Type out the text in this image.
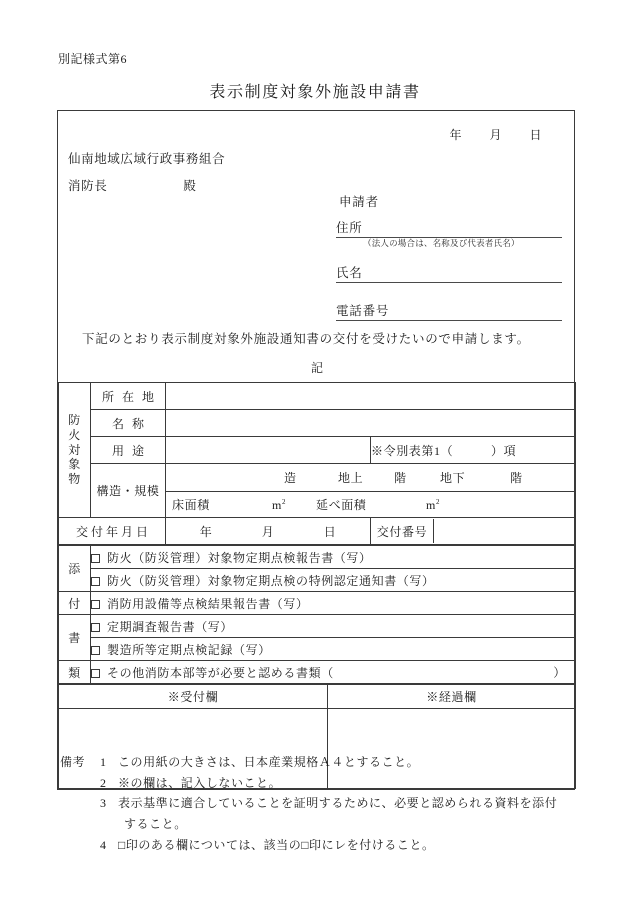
別記様式第6
表示制度対象外施設申請書
年 月 日
仙南地域広域行政事務組合
消防長	殿
申請者
住所
（法人の場合は、名称及び代表者氏名）
氏名
電話番号
下記のとおり表示制度対象外施設通知書の交付を受けたいので申請します。
記
防
火
対
象
物
	所在地	
名称	
用途		※令別表第1（　　　）項
構造・規模	
造	地上	階	地下	階

床面積	$m^2$ 延べ面積	$m^2$

交付年月日	年	月	日		交付番号	
添	防火（防災管理）対象物定期点検報告書（写）
	防火（防災管理）対象物定期点検の特例認定通知書（写）
付	消防用設備等点検結果報告書（写）
書	定期調査報告書（写）
	製造所等定期点検記録（写）
類	その他消防本部等が必要と認める書類（ ）
※受付欄	※経過欄

備考	1 この用紙の大きさは、日本産業規格Ａ４とすること。
2 ※の欄は、記入しないこと。
3 表示基準に適合していることを証明するために、必要と認められる資料を添付
すること。
4 □印のある欄については、該当の□印にレを付けること。
